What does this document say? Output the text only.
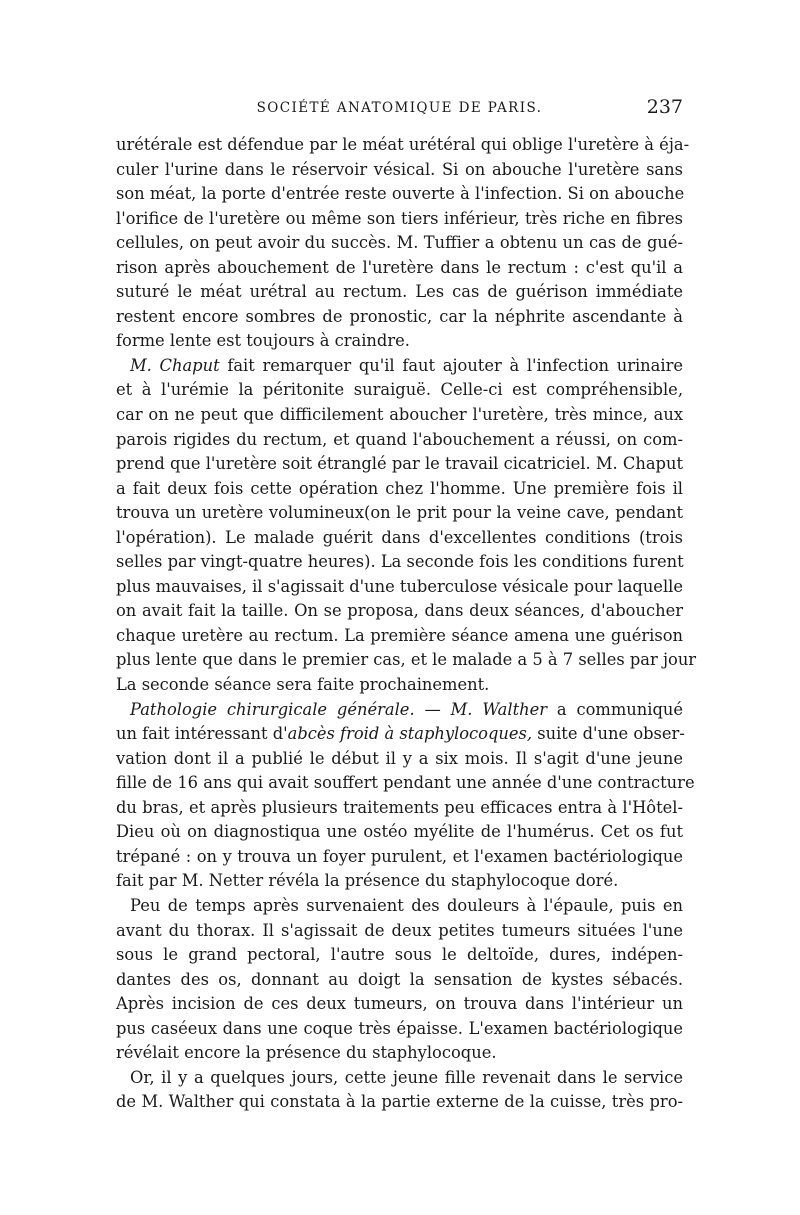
SOCIÉTÉ ANATOMIQUE DE PARIS.	237
urétérale est défendue par le méat urétéral qui oblige l'uretère à éja-
culer l'urine dans le réservoir vésical. Si on abouche l'uretère sans
son méat, la porte d'entrée reste ouverte à l'infection. Si on abouche
l'orifice de l'uretère ou même son tiers inférieur, très riche en fibres
cellules, on peut avoir du succès. M. Tuffier a obtenu un cas de gué-
rison après abouchement de l'uretère dans le rectum : c'est qu'il a
suturé le méat urétral au rectum. Les cas de guérison immédiate
restent encore sombres de pronostic, car la néphrite ascendante à
forme lente est toujours à craindre.
M. Chaput fait remarquer qu'il faut ajouter à l'infection urinaire
et à l'urémie la péritonite suraiguë. Celle-ci est compréhensible,
car on ne peut que difficilement aboucher l'uretère, très mince, aux
parois rigides du rectum, et quand l'abouchement a réussi, on com-
prend que l'uretère soit étranglé par le travail cicatriciel. M. Chaput
a fait deux fois cette opération chez l'homme. Une première fois il
trouva un uretère volumineux(on le prit pour la veine cave, pendant
l'opération). Le malade guérit dans d'excellentes conditions (trois
selles par vingt-quatre heures). La seconde fois les conditions furent
plus mauvaises, il s'agissait d'une tuberculose vésicale pour laquelle
on avait fait la taille. On se proposa, dans deux séances, d'aboucher
chaque uretère au rectum. La première séance amena une guérison
plus lente que dans le premier cas, et le malade a 5 à 7 selles par jour
La seconde séance sera faite prochainement.
Pathologie chirurgicale générale. — M. Walther a communiqué
un fait intéressant d'abcès froid à staphylocoques, suite d'une obser-
vation dont il a publié le début il y a six mois. Il s'agit d'une jeune
fille de 16 ans qui avait souffert pendant une année d'une contracture
du bras, et après plusieurs traitements peu efficaces entra à l'Hôtel-
Dieu où on diagnostiqua une ostéo myélite de l'humérus. Cet os fut
trépané : on y trouva un foyer purulent, et l'examen bactériologique
fait par M. Netter révéla la présence du staphylocoque doré.
Peu de temps après survenaient des douleurs à l'épaule, puis en
avant du thorax. Il s'agissait de deux petites tumeurs situées l'une
sous le grand pectoral, l'autre sous le deltoïde, dures, indépen-
dantes des os, donnant au doigt la sensation de kystes sébacés.
Après incision de ces deux tumeurs, on trouva dans l'intérieur un
pus caséeux dans une coque très épaisse. L'examen bactériologique
révélait encore la présence du staphylocoque.
Or, il y a quelques jours, cette jeune fille revenait dans le service
de M. Walther qui constata à la partie externe de la cuisse, très pro-
